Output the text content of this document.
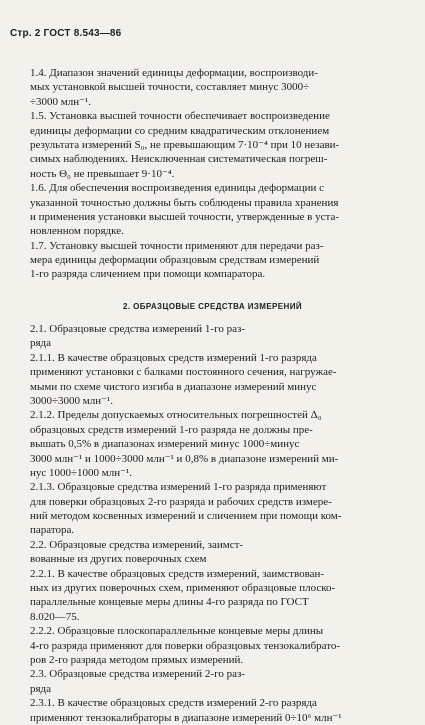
Стр. 2 ГОСТ 8.543—86
1.4. Диапазон значений единицы деформации, воспроизводи-
мых установкой высшей точности, составляет минус 3000÷
÷3000 млн⁻¹.
1.5. Установка высшей точности обеспечивает воспроизведение
единицы деформации со средним квадратическим отклонением
результата измерений S₀, не превышающим 7·10⁻⁴ при 10 незави-
симых наблюдениях. Неисключенная систематическая погреш-
ность Θ₀ не превышает 9·10⁻⁴.
1.6. Для обеспечения воспроизведения единицы деформации с
указанной точностью должны быть соблюдены правила хранения
и применения установки высшей точности, утвержденные в уста-
новленном порядке.
1.7. Установку высшей точности применяют для передачи раз-
мера единицы деформации образцовым средствам измерений
1-го разряда сличением при помощи компаратора.
2. ОБРАЗЦОВЫЕ СРЕДСТВА ИЗМЕРЕНИЙ
2.1. Образцовые средства измерений 1-го раз-
ряда
2.1.1. В качестве образцовых средств измерений 1-го разряда
применяют установки с балками постоянного сечения, нагружае-
мыми по схеме чистого изгиба в диапазоне измерений минус
3000÷3000 млн⁻¹.
2.1.2. Пределы допускаемых относительных погрешностей Δ₀
образцовых средств измерений 1-го разряда не должны пре-
вышать 0,5% в диапазонах измерений минус 1000÷минус
3000 млн⁻¹ и 1000÷3000 млн⁻¹ и 0,8% в диапазоне измерений ми-
нус 1000÷1000 млн⁻¹.
2.1.3. Образцовые средства измерений 1-го разряда применяют
для поверки образцовых 2-го разряда и рабочих средств измере-
ний методом косвенных измерений и сличением при помощи ком-
паратора.
2.2. Образцовые средства измерений, заимст-
вованные из других поверочных схем
2.2.1. В качестве образцовых средств измерений, заимствован-
ных из других поверочных схем, применяют образцовые плоско-
параллельные концевые меры длины 4-го разряда по ГОСТ
8.020—75.
2.2.2. Образцовые плоскопараллельные концевые меры длины
4-го разряда применяют для поверки образцовых тензокалибрато-
ров 2-го разряда методом прямых измерений.
2.3. Образцовые средства измерений 2-го раз-
ряда
2.3.1. В качестве образцовых средств измерений 2-го разряда
применяют тензокалибраторы в диапазоне измерений 0÷10⁶ млн⁻¹
